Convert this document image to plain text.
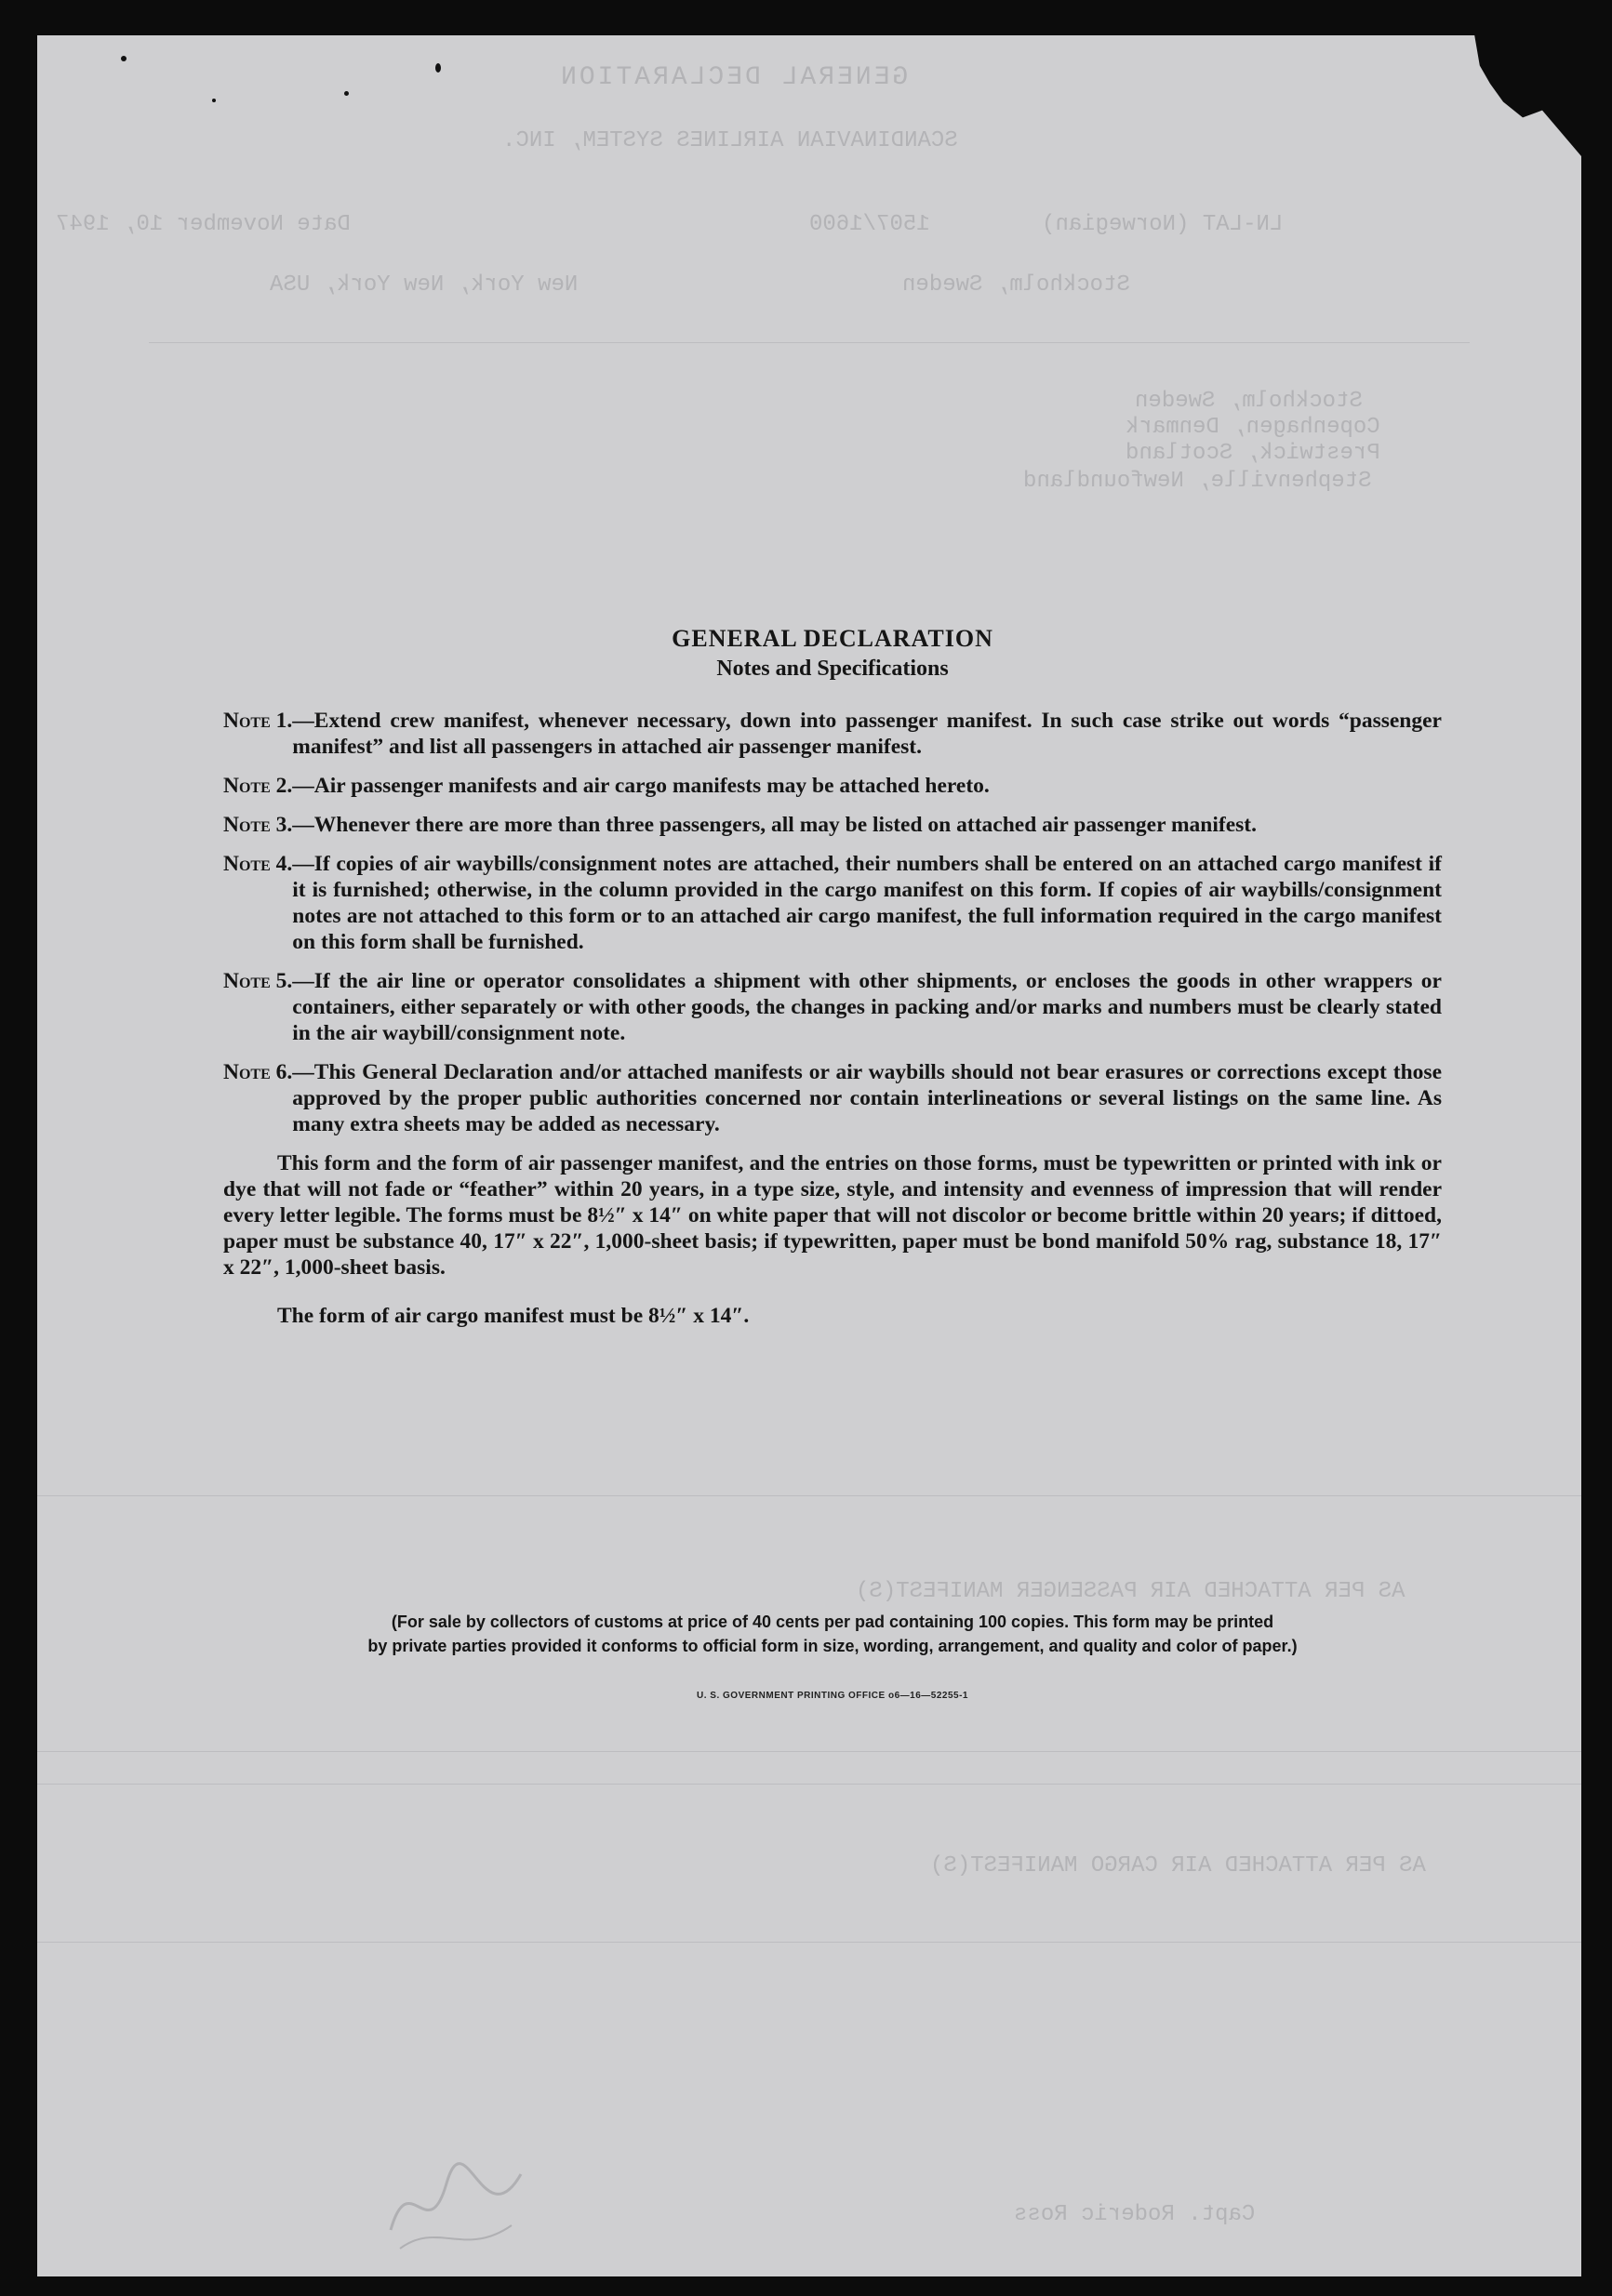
GENERAL DECLARATION
SCANDINAVIAN AIRLINES SYSTEM, INC.
Date November 10, 1947	1507/1600	LN-LAT (Norwegian)
New York, New York, USA	Stockholm, Sweden
Stockholm, Sweden
Copenhagen, Denmark
Prestwick, Scotland
Stephenville, Newfoundland
AS PER ATTACHED AIR PASSENGER MANIFEST(S)
AS PER ATTACHED AIR CARGO MANIFEST(S)
Capt. Roderic Ross
GENERAL DECLARATION
Notes and Specifications
Note 1. —Extend crew manifest, whenever necessary, down into passenger manifest. In such case strike out words “passenger manifest” and list all passengers in attached air passenger manifest.
Note 2. —Air passenger manifests and air cargo manifests may be attached hereto.
Note 3. —Whenever there are more than three passengers, all may be listed on attached air passenger manifest.
Note 4. —If copies of air waybills/consignment notes are attached, their numbers shall be entered on an attached cargo manifest if it is furnished; otherwise, in the column provided in the cargo manifest on this form. If copies of air waybills/consignment notes are not attached to this form or to an attached air cargo manifest, the full information required in the cargo manifest on this form shall be furnished.
Note 5. —If the air line or operator consolidates a shipment with other shipments, or encloses the goods in other wrappers or containers, either separately or with other goods, the changes in packing and/or marks and numbers must be clearly stated in the air waybill/consignment note.
Note 6. —This General Declaration and/or attached manifests or air waybills should not bear erasures or corrections except those approved by the proper public authorities concerned nor contain interlineations or several listings on the same line. As many extra sheets may be added as necessary.

This form and the form of air passenger manifest, and the entries on those forms, must be typewritten or printed with ink or dye that will not fade or “feather” within 20 years, in a type size, style, and intensity and evenness of impression that will render every letter legible. The forms must be 8½″ x 14″ on white paper that will not discolor or become brittle within 20 years; if dittoed, paper must be substance 40, 17″ x 22″, 1,000-sheet basis; if typewritten, paper must be bond manifold 50% rag, substance 18, 17″ x 22″, 1,000-sheet basis.

The form of air cargo manifest must be 8½″ x 14″.

(For sale by collectors of customs at price of 40 cents per pad containing 100 copies. This form may be printed
by private parties provided it conforms to official form in size, wording, arrangement, and quality and color of paper.)
U. S. GOVERNMENT PRINTING OFFICE o6—16—52255-1
